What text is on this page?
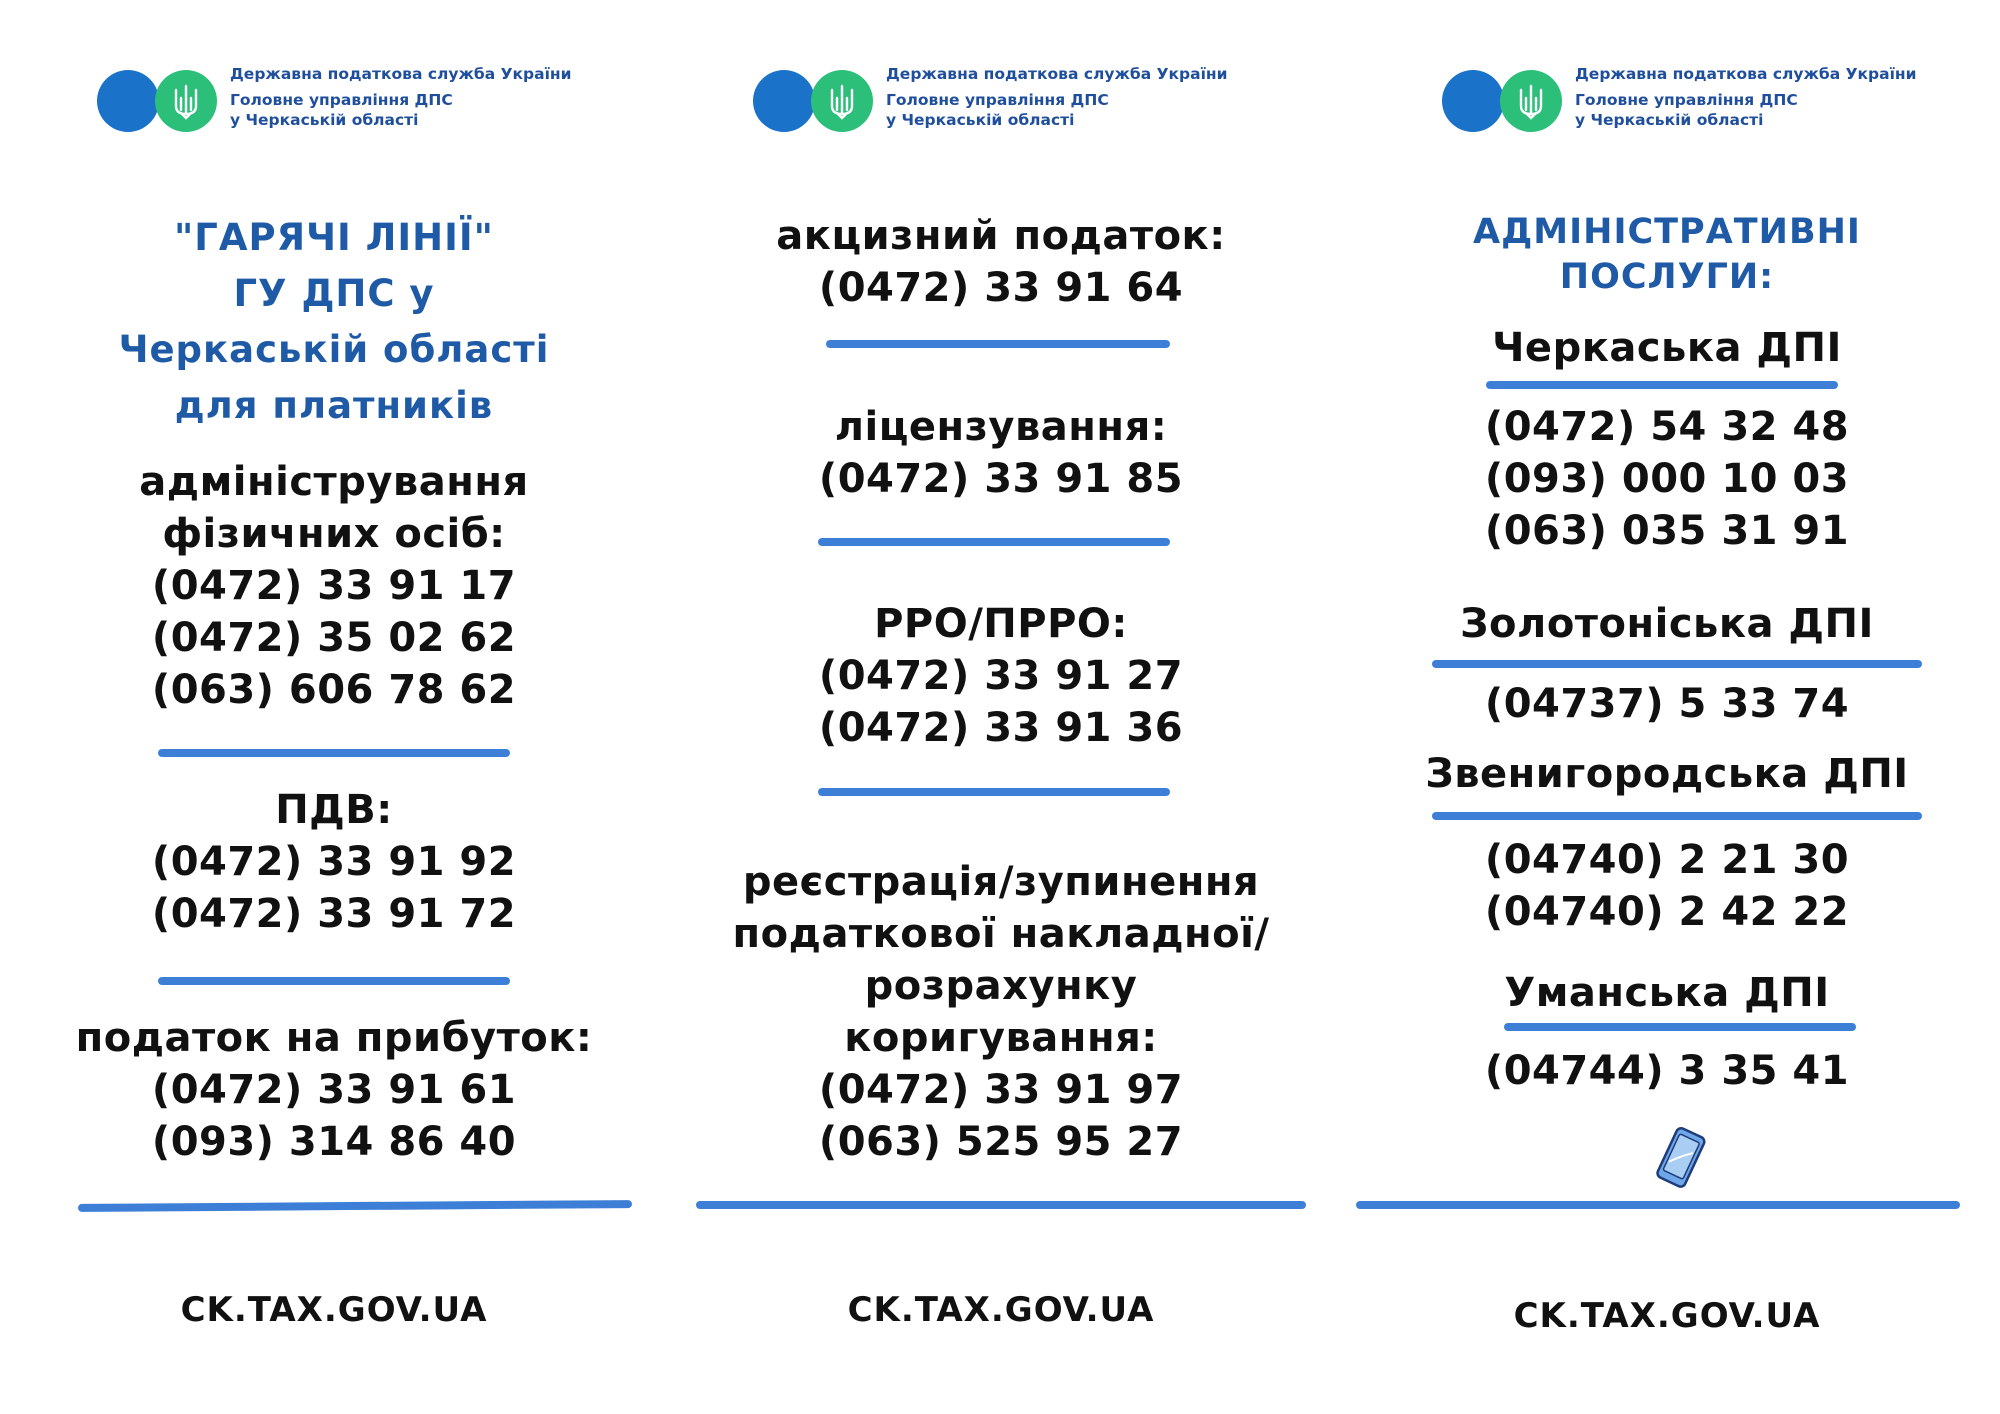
Державна податкова служба України
Головне управління ДПС
у Черкаській області
"ГАРЯЧІ ЛІНІЇ"
ГУ ДПС у
Черкаській області
для платників
адміністрування
фізичних осіб:
(0472) 33 91 17
(0472) 35 02 62
(063) 606 78 62
ПДВ:
(0472) 33 91 92
(0472) 33 91 72
податок на прибуток:
(0472) 33 91 61
(093) 314 86 40
CK.TAX.GOV.UA
Державна податкова служба України
Головне управління ДПС
у Черкаській області
акцизний податок:
(0472) 33 91 64
ліцензування:
(0472) 33 91 85
РРО/ПРРО:
(0472) 33 91 27
(0472) 33 91 36
реєстрація/зупинення
податкової накладної/
розрахунку
коригування:
(0472) 33 91 97
(063) 525 95 27
CK.TAX.GOV.UA
Державна податкова служба України
Головне управління ДПС
у Черкаській області
АДМІНІСТРАТИВНІ
ПОСЛУГИ:
Черкаська ДПІ
(0472) 54 32 48
(093) 000 10 03
(063) 035 31 91
Золотоніська ДПІ
(04737) 5 33 74
Звенигородська ДПІ
(04740) 2 21 30
(04740) 2 42 22
Уманська ДПІ
(04744) 3 35 41
CK.TAX.GOV.UA
